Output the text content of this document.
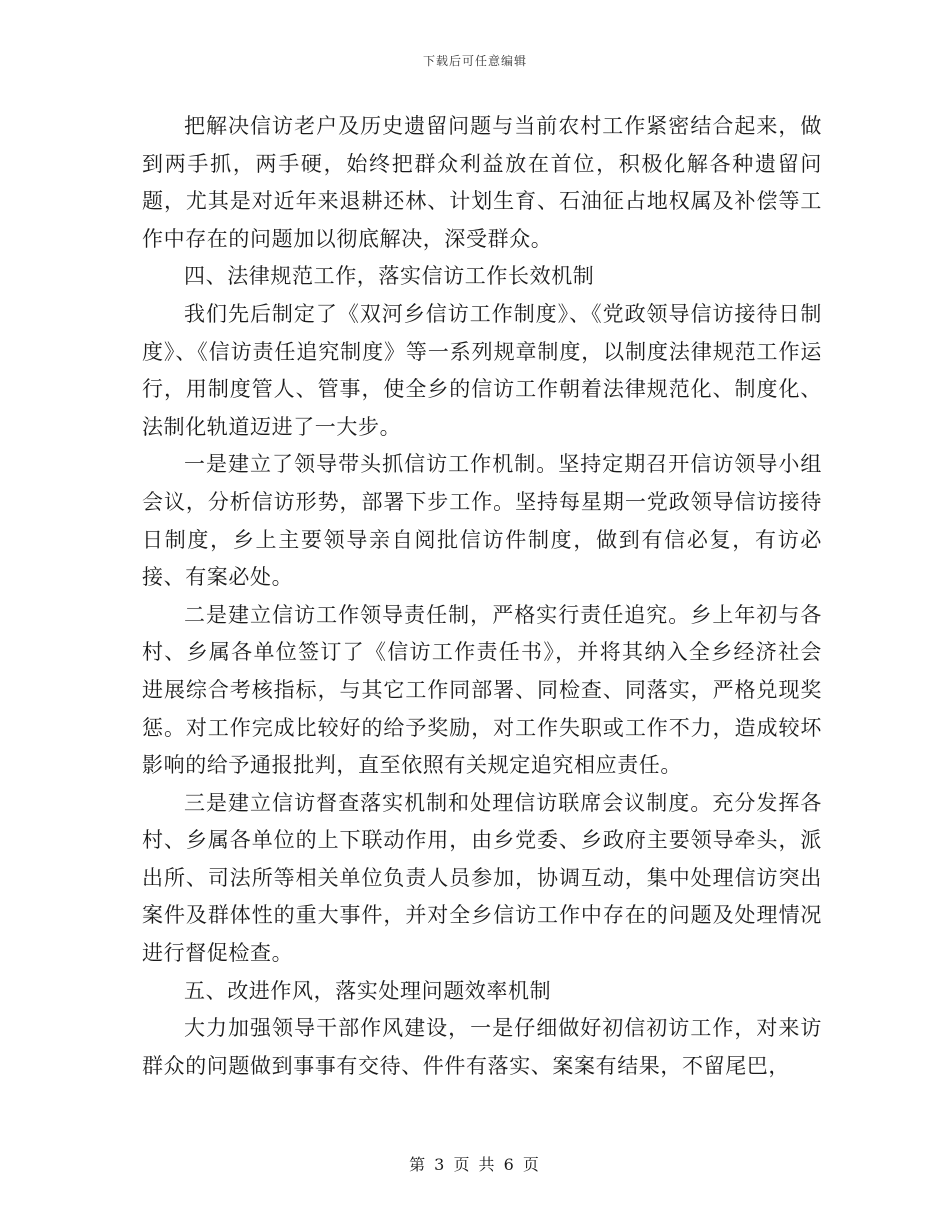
下载后可任意编辑

把解决信访老户及历史遗留问题与当前农村工作紧密结合起来，做到两手抓，两手硬，始终把群众利益放在首位，积极化解各种遗留问题，尤其是对近年来退耕还林、计划生育、石油征占地权属及补偿等工作中存在的问题加以彻底解决，深受群众。

四、法律规范工作，落实信访工作长效机制

我们先后制定了《双河乡信访工作制度》、《党政领导信访接待日制度》、《信访责任追究制度》等一系列规章制度，以制度法律规范工作运行，用制度管人、管事，使全乡的信访工作朝着法律规范化、制度化、法制化轨道迈进了一大步。

一是建立了领导带头抓信访工作机制。坚持定期召开信访领导小组会议，分析信访形势，部署下步工作。坚持每星期一党政领导信访接待日制度，乡上主要领导亲自阅批信访件制度，做到有信必复，有访必接、有案必处。

二是建立信访工作领导责任制，严格实行责任追究。乡上年初与各村、乡属各单位签订了《信访工作责任书》，并将其纳入全乡经济社会进展综合考核指标，与其它工作同部署、同检查、同落实，严格兑现奖惩。对工作完成比较好的给予奖励，对工作失职或工作不力，造成较坏影响的给予通报批判，直至依照有关规定追究相应责任。

三是建立信访督查落实机制和处理信访联席会议制度。充分发挥各村、乡属各单位的上下联动作用，由乡党委、乡政府主要领导牵头，派出所、司法所等相关单位负责人员参加，协调互动，集中处理信访突出案件及群体性的重大事件，并对全乡信访工作中存在的问题及处理情况进行督促检查。

五、改进作风，落实处理问题效率机制

大力加强领导干部作风建设，一是仔细做好初信初访工作，对来访群众的问题做到事事有交待、件件有落实、案案有结果，不留尾巴，

第 3 页 共 6 页
